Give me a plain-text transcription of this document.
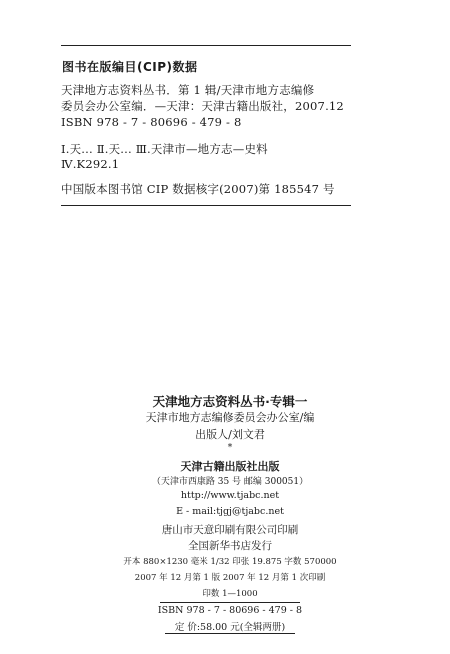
图书在版编目(CIP)数据
天津地方志资料丛书．第 1 辑/天津市地方志编修
委员会办公室编．—天津：天津古籍出版社，2007.12
ISBN 978 - 7 - 80696 - 479 - 8
Ⅰ.天... Ⅱ.天... Ⅲ.天津市—地方志—史料
Ⅳ.K292.1
中国版本图书馆 CIP 数据核字(2007)第 185547 号
天津地方志资料丛书·专辑一
天津市地方志编修委员会办公室/编
出版人/刘文君
*
天津古籍出版社出版
（天津市西康路 35 号 邮编 300051）
http://www.tjabc.net
E - mail:tjgj@tjabc.net
唐山市天意印刷有限公司印刷
全国新华书店发行
开本 880×1230 毫米 1/32 印张 19.875 字数 570000
2007 年 12 月第 1 版 2007 年 12 月第 1 次印刷
印数 1—1000
ISBN 978 - 7 - 80696 - 479 - 8
定 价:58.00 元(全辑两册)
